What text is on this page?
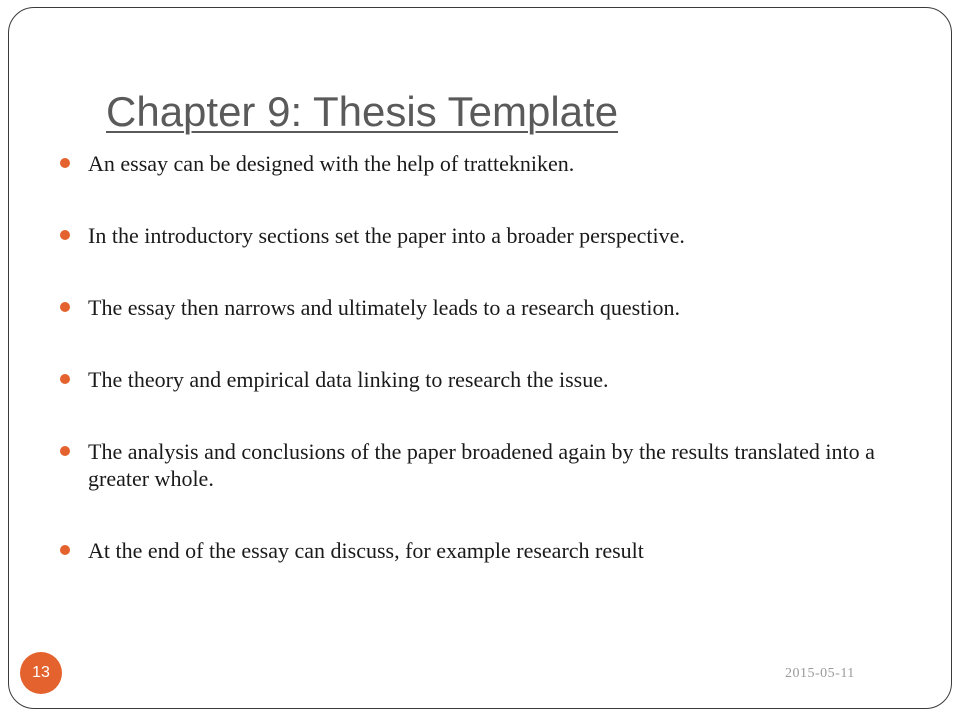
Chapter 9: Thesis Template
An essay can be designed with the help of trattekniken.
In the introductory sections set the paper into a broader perspective.
The essay then narrows and ultimately leads to a research question.
The theory and empirical data linking to research the issue.
The analysis and conclusions of the paper broadened again by the results translated into a greater whole.
At the end of the essay can discuss, for example research result
13	2015-05-11
